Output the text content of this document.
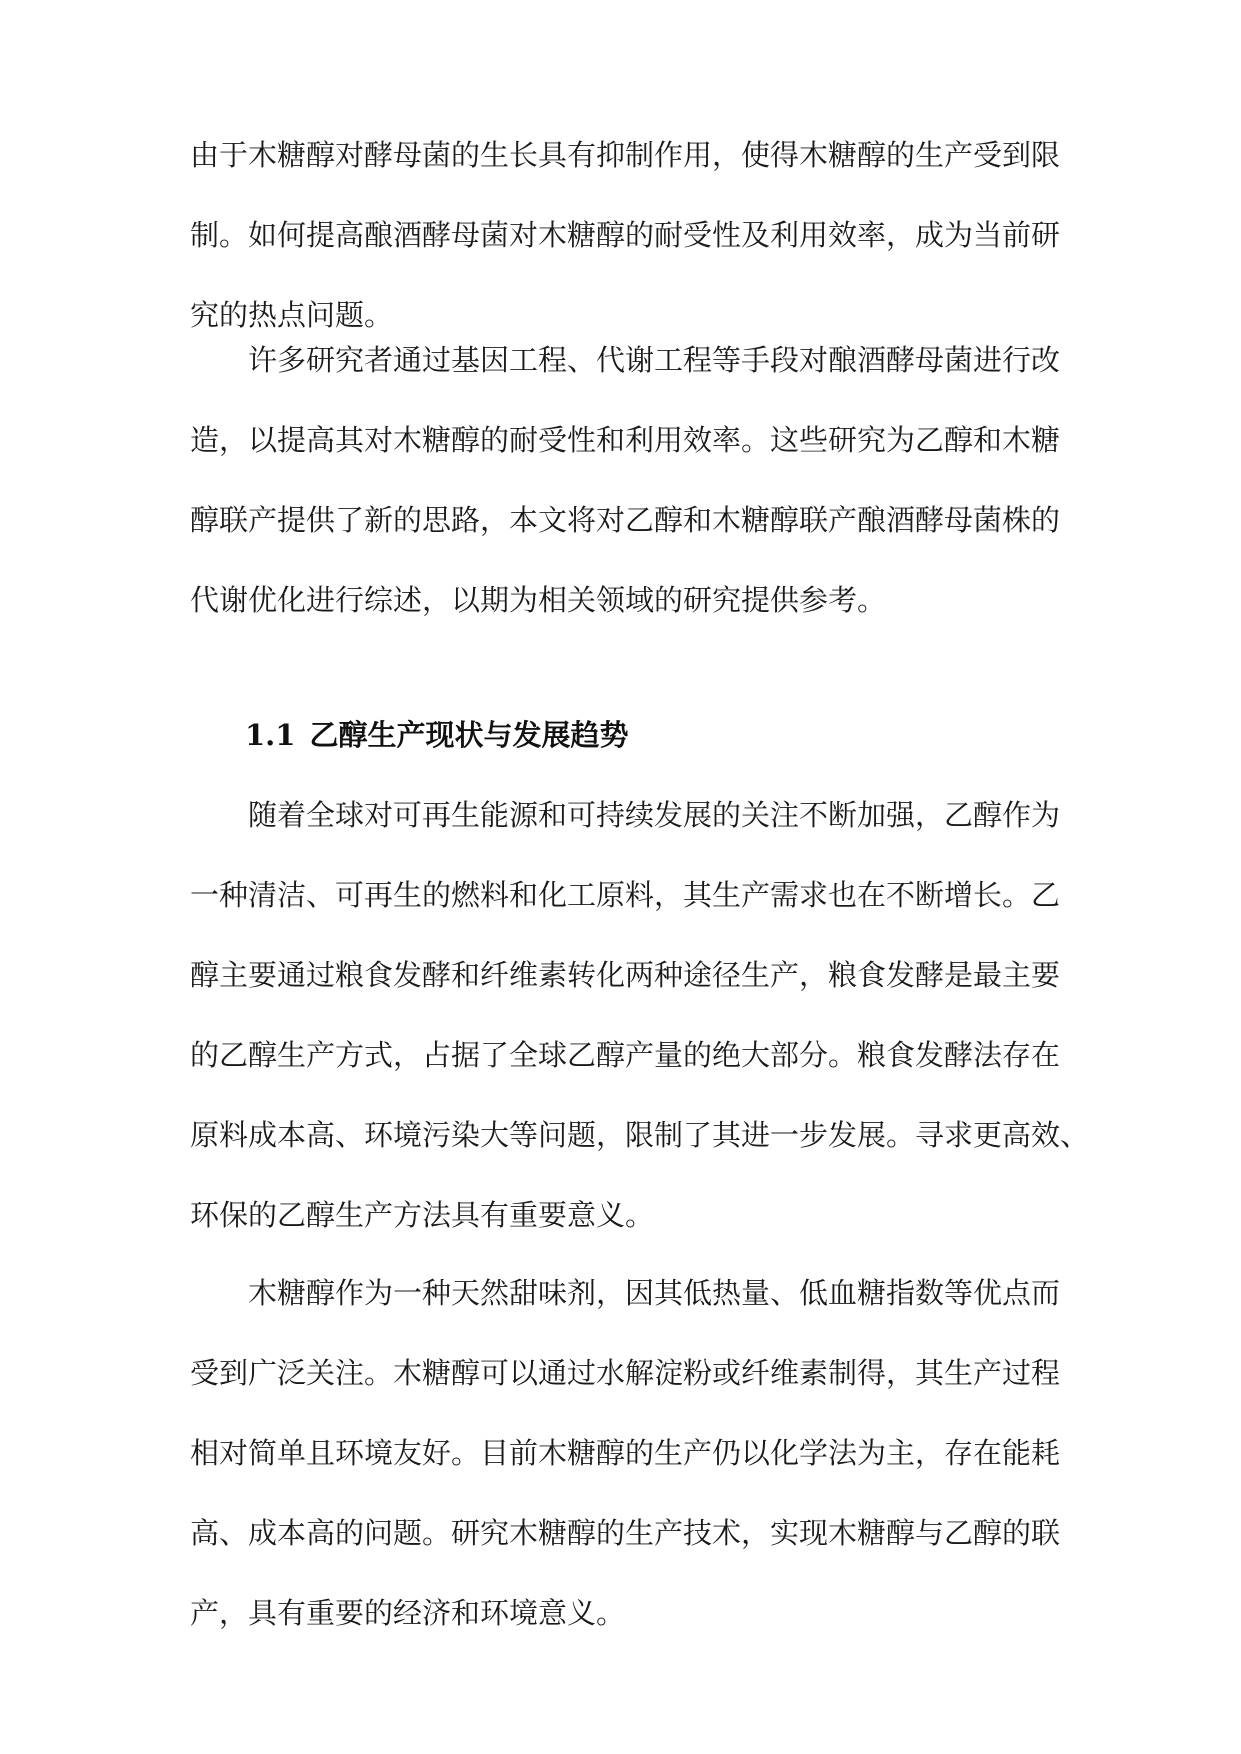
由于木糖醇对酵母菌的生长具有抑制作用，使得木糖醇的生产受到限
制。如何提高酿酒酵母菌对木糖醇的耐受性及利用效率，成为当前研
究的热点问题。
许多研究者通过基因工程、代谢工程等手段对酿酒酵母菌进行改
造，以提高其对木糖醇的耐受性和利用效率。这些研究为乙醇和木糖
醇联产提供了新的思路，本文将对乙醇和木糖醇联产酿酒酵母菌株的
代谢优化进行综述，以期为相关领域的研究提供参考。
1.1 乙醇生产现状与发展趋势
随着全球对可再生能源和可持续发展的关注不断加强，乙醇作为
一种清洁、可再生的燃料和化工原料，其生产需求也在不断增长。乙
醇主要通过粮食发酵和纤维素转化两种途径生产，粮食发酵是最主要
的乙醇生产方式，占据了全球乙醇产量的绝大部分。粮食发酵法存在
原料成本高、环境污染大等问题，限制了其进一步发展。寻求更高效、
环保的乙醇生产方法具有重要意义。
木糖醇作为一种天然甜味剂，因其低热量、低血糖指数等优点而
受到广泛关注。木糖醇可以通过水解淀粉或纤维素制得，其生产过程
相对简单且环境友好。目前木糖醇的生产仍以化学法为主，存在能耗
高、成本高的问题。研究木糖醇的生产技术，实现木糖醇与乙醇的联
产，具有重要的经济和环境意义。
